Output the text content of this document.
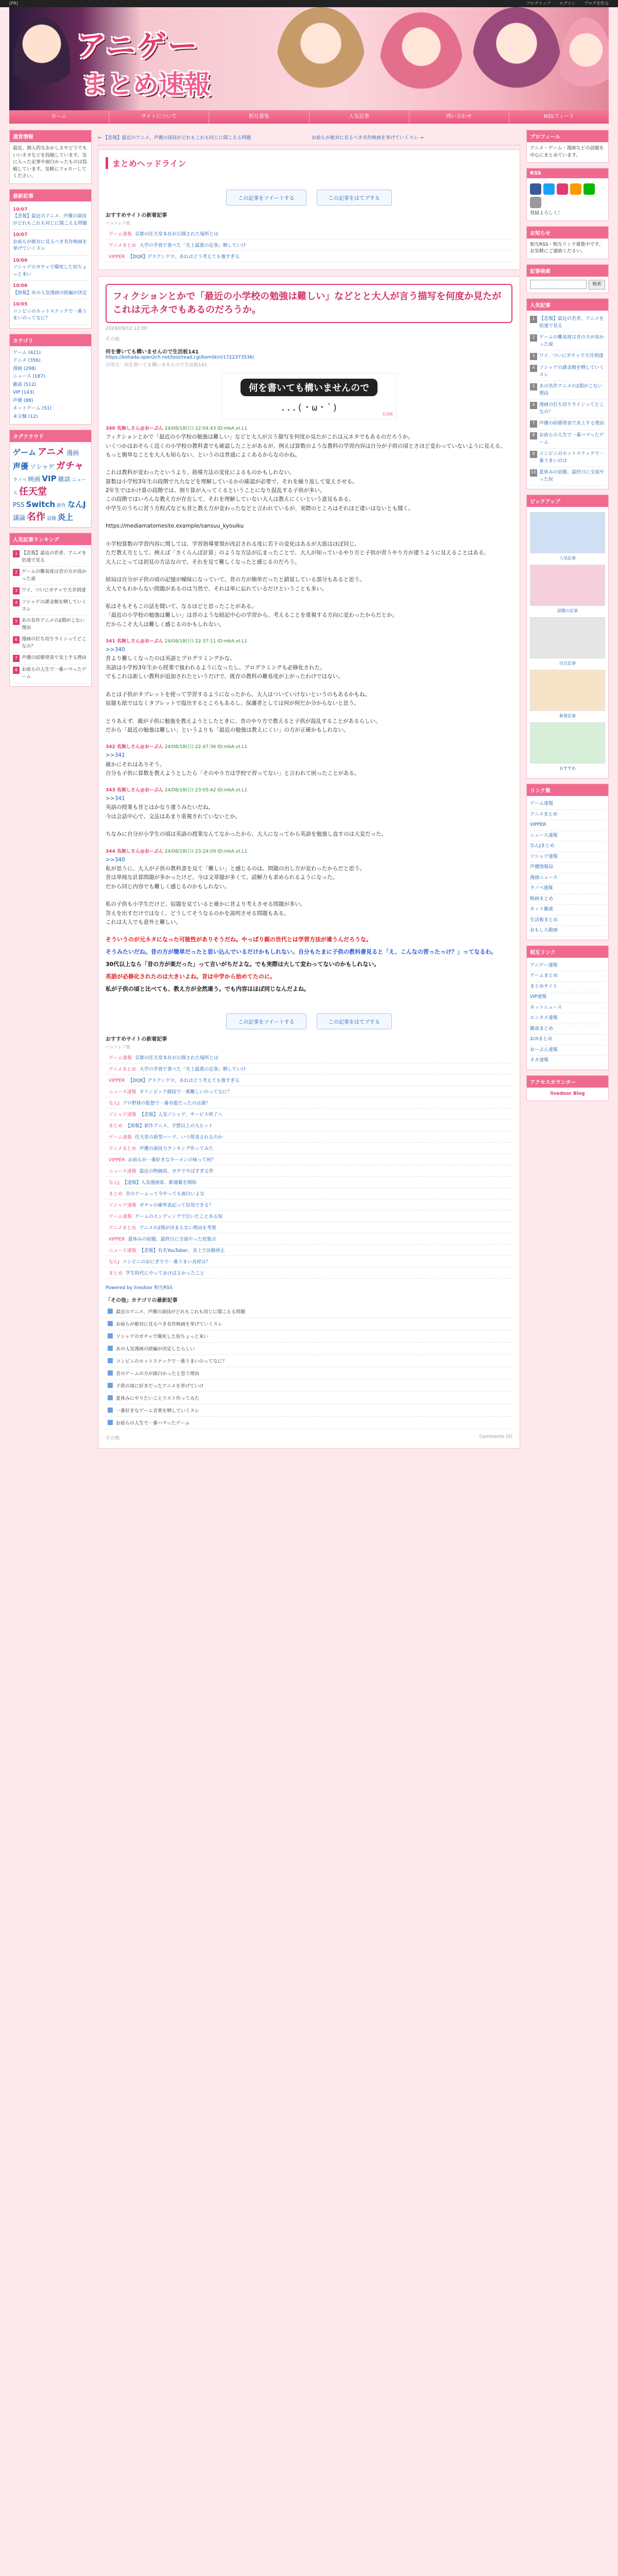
[PR]	ブログトップ ログイン ブログを作る
アニゲー
まとめ速報
ホーム	サイトについて	相互募集	人気記事	問い合わせ	RSSフィード
運営情報
最近、個人的なおかしさやどうでもいいネタなどを投稿しています。気に入った記事や面白かったものは投稿しています。気軽にフォローしてください。
最新記事
10/07
【悲報】最近のアニメ、声優の演技がどれもこれも同じに聞こえる問題
10/07
お前らが絶対に見るべき名作映画を挙げていくスレ
10/06
ソシャゲのガチャで爆死した奴ちょっと来い
10/06
【朗報】あの人気漫画の続編が決定
10/05
コンビニのホットスナックで一番うまいのってなに？
カテゴリ
ゲーム (421)
アニメ (356)
漫画 (298)
ニュース (187)
雑談 (512)
VIP (143)
声優 (88)
ネットゲーム (51)
未分類 (12)
タグクラウド
ゲーム アニメ 漫画声優 ソシャゲ ガチャラノベ 映画 VIP 雑談 ニュース 任天堂PS5 Switch 新作 なんJ議論 名作 話題 炎上
人気記事ランキング
1 【悲報】最近の若者、アニメを倍速で見る
2 ゲームの難易度は昔の方が高かった説
3 ワイ、ついにガチャで天井到達
4 ソシャゲの課金額を晒していくスレ
5 あの名作アニメの2期がこない理由
6 漫画の打ち切りラインってどこなの？
7 声優の結婚発表で炎上する理由
8 お前らの人生で一番ハマったゲーム
← 【悲報】最近のアニメ、声優の演技がどれもこれも同じに聞こえる問題	お前らが絶対に見るべき名作映画を挙げていくスレ →
まとめヘッドライン
この記事をツイートする	この記事をはてブする
おすすめサイトの新着記事
ベストレア版
ゲーム速報 京都の任天堂本社が公開された場所とは
アニメまとめ 大学の学食で食べた「史上最悪の定食」晒していけ
VIPPER 【DQ8】デスアンゲロ、あれはどう考えても強すぎる
フィクションとかで「最近の小学校の勉強は難しい」などとと大人が言う描写を何度か見たがこれは元ネタでもあるのだろうか。
2024/09/12 12:00
その他
何を書いても構いませんので生活板141
https://kohada.open2ch.net/test/read.cgi/komiikiri/1722373536/
引用元：何を書いても構いませんので生活板141
何を書いても構いませんので
...(・ω・`)
生活板
340 名無しさん@おーぷん 24/08/18(日) 22:04:43 ID:mkA.vt.L1
フィクションとかで「最近の小学校の勉強は難しい」などと大人が言う描写を何度か見たがこれは元ネタでもあるのだろうか。
いくつかはおそらく近くの小学校の教科書でも確認したことがあるが、例えば算数のような教科の学習内容は自分が子供の頃とさほど変わっていないように見える。
もっと簡単なことを大人も知らない、というのは普通によくあるからなのかね。

これは教科が変わったというより、指導方法の変化によるものかもしれない。
算数は小学校3年生の段階で九九などを理解しているかの確認が必要で、それを繰り返して覚えさせる。
2年生ではかけ算の段階では、割り算が入ってくるということになり混乱する子供が多い。
この段階ではいろんな教え方が存在して、それを理解していない大人は教えにくいという意見もある。
中学生のうちに習う方程式なども昔と教え方が変わったなどと言われているが、実際のところはそれほど違いはないとも聞く。

https://mediamatomesite.example/sansuu_kyouiku

小学校算数の学習内容に関しては、学習指導要領が改訂される度に若干の変化はあるが大筋はほぼ同じ。
ただ教え方として、例えば「さくらんぼ計算」のような方法が広まったことで、大人が知っているやり方と子供が習うやり方が違うように見えることはある。
大人にとっては初見の方法なので、それを見て難しくなったと感じるのだろう。

結局は自分が子供の頃の記憶が曖昧になっていて、昔の方が簡単だったと錯覚している部分もあると思う。
大人でもわからない問題があるのは当然で、それは単に忘れているだけということも多い。

私はそもそもこの話を聞いて、なるほどと思ったことがある。
「最近の小学校の勉強は難しい」は昔のような暗記中心の学習から、考えることを重視する方向に変わったからだとか。
だからこそ大人は難しく感じるのかもしれない。
341 名無しさん@おーぷん 24/08/18(日) 22:37:11 ID:mkA.vt.L1
>>340
昔より難しくなったのは英語とプログラミングかな。
英語は小学校3年生から授業で扱われるようになったし、プログラミングも必修化された。
でもこれは新しい教科が追加されたというだけで、既存の教科の難易度が上がったわけではない。

あとは子供がタブレットを使って学習するようになったから、大人はついていけないというのもあるかもね。
宿題も紙ではなくタブレットで提出するところもあるし、保護者としては何が何だか分からないと思う。

とりあえず、親が子供に勉強を教えようとしたときに、昔のやり方で教えると子供が混乱することがあるらしい。
だから「最近の勉強は難しい」というよりも「最近の勉強は教えにくい」の方が正確かもしれない。
342 名無しさん@おーぷん 24/08/18(日) 22:47:36 ID:mkA.vt.L1
>>341
確かにそれはありそう。
自分も子供に算数を教えようとしたら「そのやり方は学校で習ってない」と言われて困ったことがある。
343 名無しさん@おーぷん 24/08/18(日) 23:05:42 ID:mkA.vt.L1
>>341
英語の授業も昔とはかなり違うみたいだね。
今は会話中心で、文法はあまり重視されていないとか。

ちなみに自分が小学生の頃は英語の授業なんてなかったから、大人になってから英語を勉強し直すのは大変だった。
344 名無しさん@おーぷん 24/08/18(日) 23:24:09 ID:mkA.vt.L1
>>340
私が思うに、大人が子供の教科書を見て「難しい」と感じるのは、問題の出し方が変わったからだと思う。
昔は単純な計算問題が多かったけど、今は文章題が多くて、読解力も求められるようになった。
だから同じ内容でも難しく感じるのかもしれない。

私の子供も小学生だけど、宿題を見ていると確かに昔より考えさせる問題が多い。
答えを出すだけではなく、どうしてそうなるのかを説明させる問題もある。
これは大人でも意外と難しい。
そういうのが元ネタになった可能性がありそうだね。やっぱり親の世代とは学習方法が違うんだろうな。
そうみたいだね。昔の方が簡単だったと思い込んでいるだけかもしれない。自分もたまに子供の教科書見ると「え、こんなの習ったっけ？」ってなるわ。
30代以上なら「昔の方が楽だった」って言いがちだよな。でも実際は大して変わってないのかもしれない。
英語が必修化されたのは大きいよね。昔は中学から始めてたのに。
私が子供の頃と比べても、教え方が全然違う。でも内容はほぼ同じなんだよね。
この記事をツイートする	この記事をはてブする
おすすめサイトの新着記事
ベストレア版
ゲーム速報 京都の任天堂本社が公開された場所とは
アニメまとめ 大学の学食で食べた「史上最悪の定食」晒していけ
VIPPER 【DQ8】デスアンゲロ、あれはどう考えても強すぎる
ニュース速報 オリンピック競技で一番難しいのってなに？
なんJ プロ野球の監督で一番有能だったのは誰？
ソシャゲ速報 【悲報】人気ソシャゲ、サービス終了へ
まとめ 【朗報】新作アニメ、予想以上の大ヒット
ゲーム速報 任天堂の新型ハード、いつ発表されるのか
アニメまとめ 声優の演技力ランキング作ってみた
VIPPER お前らが一番好きなラーメンの味って何？
ニュース速報 最近の物価高、ガチでやばすぎる件
なんJ 【速報】人気漫画家、新連載を開始
まとめ 昔のゲームって今やっても面白いよな
ソシャゲ速報 ガチャの確率表記って信用できる？
ゲーム速報 ゲームのエンディングで泣いたことある奴
アニメまとめ アニメの2期が決まらない理由を考察
VIPPER 夏休みの宿題、最終日に全部やった奴集合
ニュース速報 【悲報】有名YouTuber、炎上で活動休止
なんJ コンビニのおにぎりで一番うまい具材は？
まとめ 学生時代にやっておけばよかったこと
Powered by livedoor 相互RSS
「その他」カテゴリの最新記事
最近のアニメ、声優の演技がどれもこれも同じに聞こえる問題
お前らが絶対に見るべき名作映画を挙げていくスレ
ソシャゲのガチャで爆死した奴ちょっと来い
あの人気漫画の続編が決定したらしい
コンビニのホットスナックで一番うまいのってなに？
昔のゲームの方が面白かったと思う理由
子供の頃に好きだったアニメを挙げていけ
夏休みにやりたいことリスト作ってみた
一番好きなゲーム音楽を晒していくスレ
お前らの人生で一番ハマったゲーム
その他	Comments (0)
プロフィール
アニメ・ゲーム・漫画などの話題を中心にまとめています。
RSS
登録よろしく！
お知らせ
相互RSS・相互リンク募集中です。お気軽にご連絡ください。
記事検索
検索
人気記事
1 【悲報】最近の若者、アニメを倍速で見る
2 ゲームの難易度は昔の方が高かった説
3 ワイ、ついにガチャで天井到達
4 ソシャゲの課金額を晒していくスレ
5 あの名作アニメの2期がこない理由
6 漫画の打ち切りラインってどこなの？
7 声優の結婚発表で炎上する理由
8 お前らの人生で一番ハマったゲーム
9 コンビニのホットスナックで一番うまいのは
10 夏休みの宿題、最終日に全部やった奴
ピックアップ
人気記事
話題の記事
注目記事
新着記事
おすすめ
リンク集
ゲーム速報
アニメまとめ
VIPPER
ニュース速報
なんJまとめ
ソシャゲ速報
声優情報局
漫画ニュース
ラノベ速報
映画まとめ
ネット雑談
生活板まとめ
おもしろ動画
相互リンク
アニゲー速報
ゲームまとめ
まとめサイト
VIP速報
ネットニュース
エンタメ速報
雑談まとめ
2chまとめ
おーぷん速報
ネタ速報
アクセスカウンター
livedoor Blog
